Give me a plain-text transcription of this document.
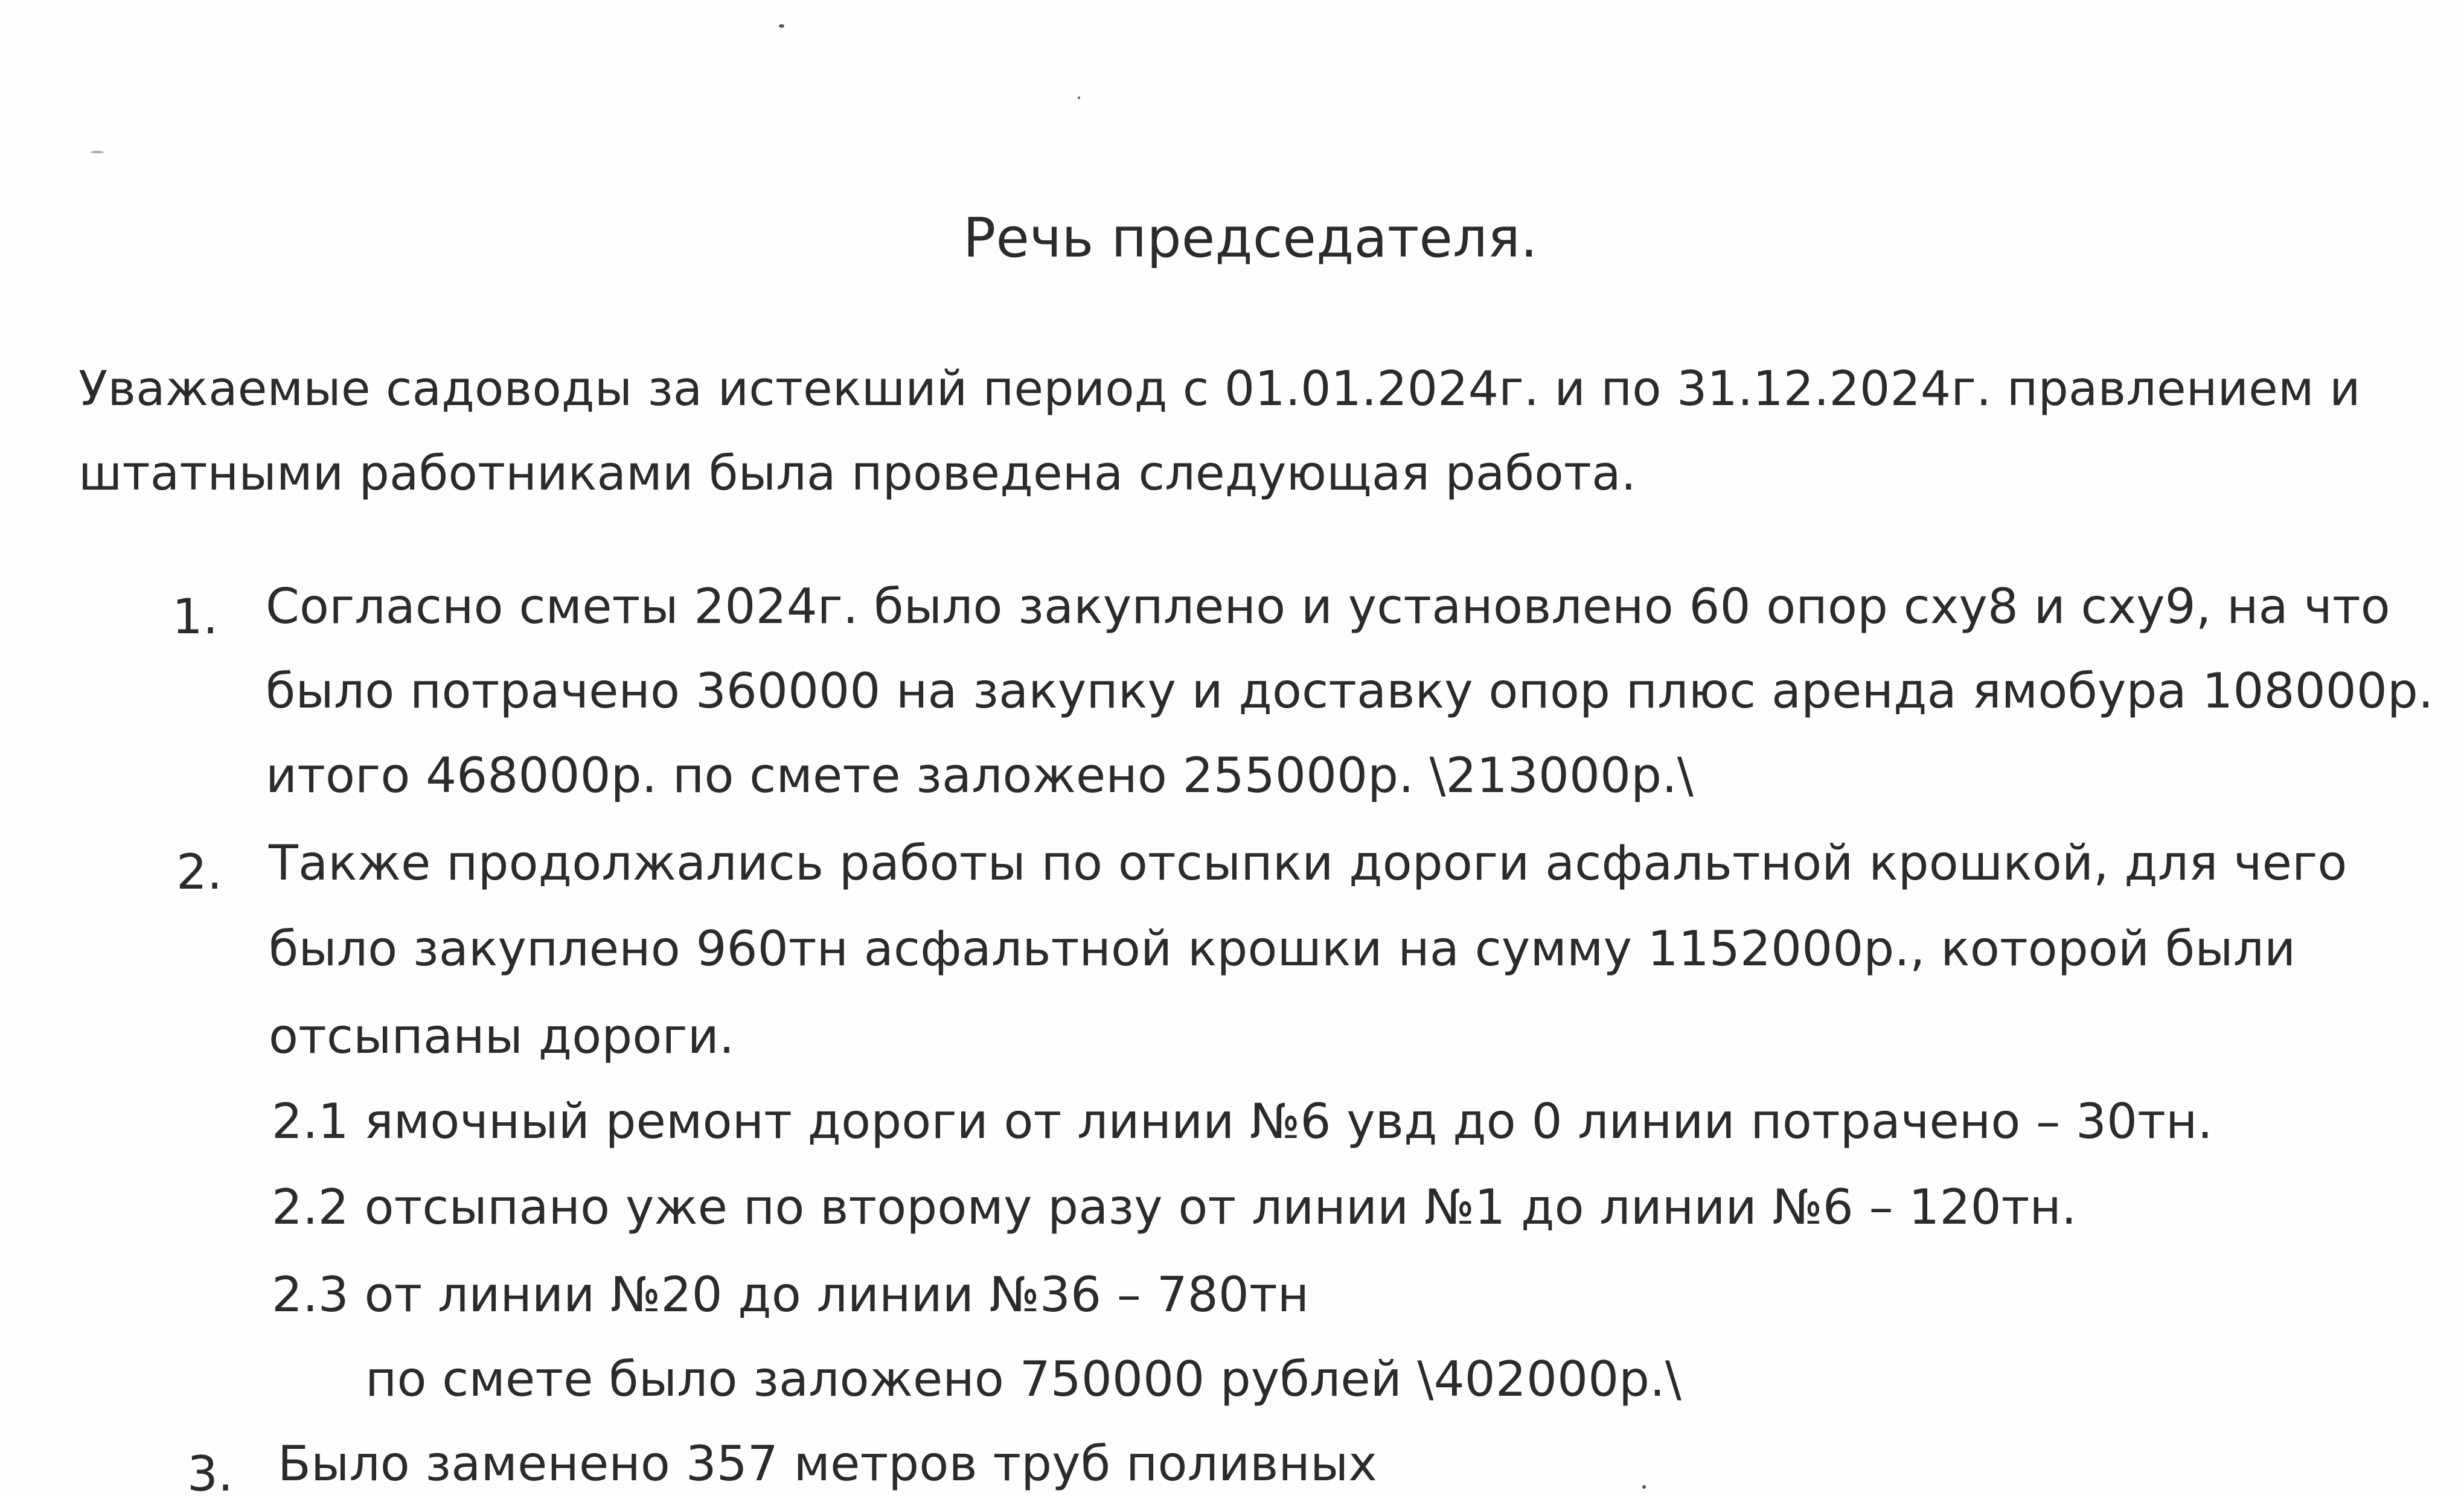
Речь председателя.
Уважаемые садоводы за истекший период с 01.01.2024г. и по 31.12.2024г. правлением и
штатными работниками была проведена следующая работа.
1. Согласно сметы 2024г. было закуплено и установлено 60 опор cxy8 и cxy9, на что
было потрачено 360000 на закупку и доставку опор плюс аренда ямобура 108000р.
итого 468000р. по смете заложено 255000р. \213000р.\
2. Также продолжались работы по отсыпки дороги асфальтной крошкой, для чего
было закуплено 960тн асфальтной крошки на сумму 1152000р., которой были
отсыпаны дороги.
2.1 ямочный ремонт дороги от линии №6 увд до 0 линии потрачено – 30тн.
2.2 отсыпано уже по второму разу от линии №1 до линии №6 – 120тн.
2.3 от линии №20 до линии №36 – 780тн
по смете было заложено 750000 рублей \402000р.\
3. Было заменено 357 метров труб поливных
